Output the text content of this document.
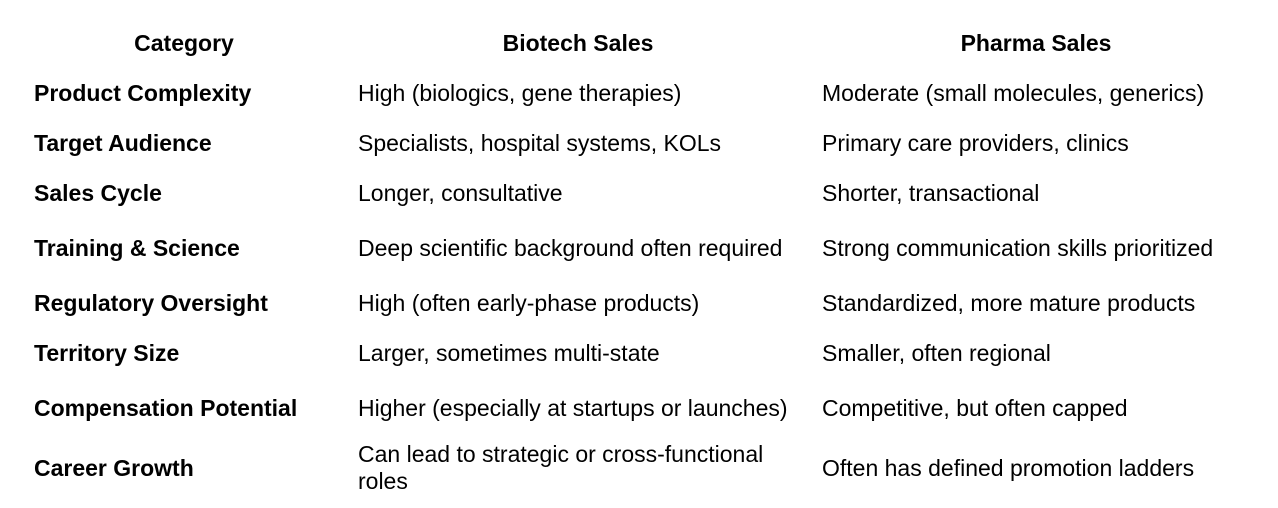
Category	Biotech Sales	Pharma Sales
Product Complexity	High (biologics, gene therapies)	Moderate (small molecules, generics)
Target Audience	Specialists, hospital systems, KOLs	Primary care providers, clinics
Sales Cycle	Longer, consultative	Shorter, transactional
Training & Science	Deep scientific background often required	Strong communication skills prioritized
Regulatory Oversight	High (often early-phase products)	Standardized, more mature products
Territory Size	Larger, sometimes multi-state	Smaller, often regional
Compensation Potential	Higher (especially at startups or launches)	Competitive, but often capped
Career Growth	Can lead to strategic or cross-functional roles	Often has defined promotion ladders
